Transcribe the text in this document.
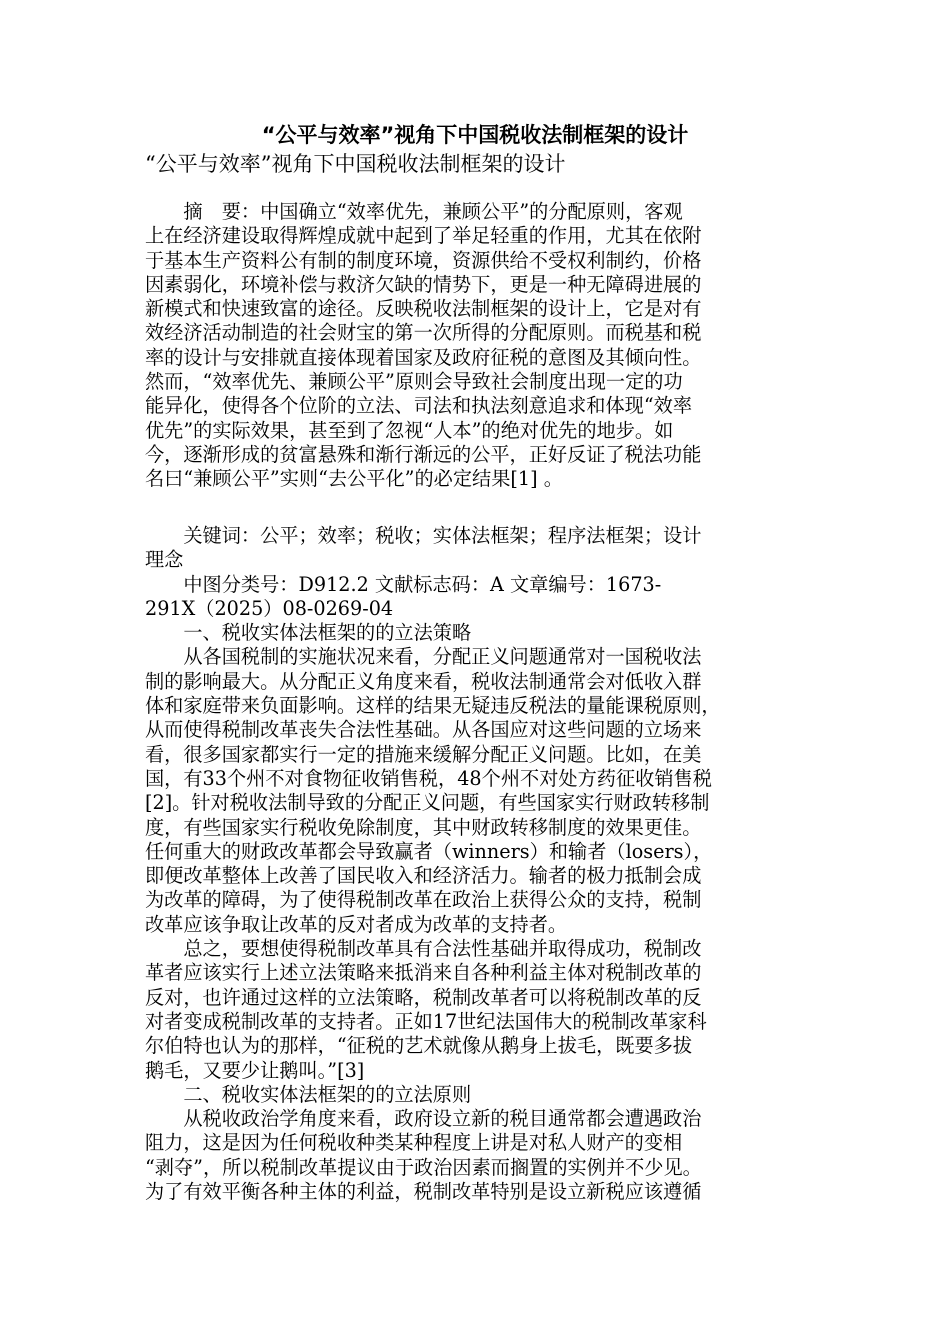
“公平与效率”视角下中国税收法制框架的设计
“公平与效率”视角下中国税收法制框架的设计
　　摘　要：中国确立“效率优先，兼顾公平”的分配原则，客观
上在经济建设取得辉煌成就中起到了举足轻重的作用，尤其在依附
于基本生产资料公有制的制度环境，资源供给不受权利制约，价格
因素弱化，环境补偿与救济欠缺的情势下，更是一种无障碍进展的
新模式和快速致富的途径。反映税收法制框架的设计上，它是对有
效经济活动制造的社会财宝的第一次所得的分配原则。而税基和税
率的设计与安排就直接体现着国家及政府征税的意图及其倾向性。
然而，“效率优先、兼顾公平”原则会导致社会制度出现一定的功
能异化，使得各个位阶的立法、司法和执法刻意追求和体现“效率
优先”的实际效果，甚至到了忽视“人本”的绝对优先的地步。如
今，逐渐形成的贫富悬殊和渐行渐远的公平，正好反证了税法功能
名曰“兼顾公平”实则“去公平化”的必定结果[1] 。
　　关键词：公平；效率；税收；实体法框架；程序法框架；设计
理念
　　中图分类号：D912.2 文献标志码：A 文章编号：1673-
291X（2025）08-0269-04
　　一、税收实体法框架的的立法策略
　　从各国税制的实施状况来看，分配正义问题通常对一国税收法
制的影响最大。从分配正义角度来看，税收法制通常会对低收入群
体和家庭带来负面影响。这样的结果无疑违反税法的量能课税原则，
从而使得税制改革丧失合法性基础。从各国应对这些问题的立场来
看，很多国家都实行一定的措施来缓解分配正义问题。比如，在美
国，有33个州不对食物征收销售税，48个州不对处方药征收销售税
[2]。针对税收法制导致的分配正义问题，有些国家实行财政转移制
度，有些国家实行税收免除制度，其中财政转移制度的效果更佳。
任何重大的财政改革都会导致赢者（winners）和输者（losers），
即便改革整体上改善了国民收入和经济活力。输者的极力抵制会成
为改革的障碍，为了使得税制改革在政治上获得公众的支持，税制
改革应该争取让改革的反对者成为改革的支持者。
　　总之，要想使得税制改革具有合法性基础并取得成功，税制改
革者应该实行上述立法策略来抵消来自各种利益主体对税制改革的
反对，也许通过这样的立法策略，税制改革者可以将税制改革的反
对者变成税制改革的支持者。正如17世纪法国伟大的税制改革家科
尔伯特也认为的那样，“征税的艺术就像从鹅身上拔毛，既要多拔
鹅毛，又要少让鹅叫。”[3]
　　二、税收实体法框架的的立法原则
　　从税收政治学角度来看，政府设立新的税目通常都会遭遇政治
阻力，这是因为任何税收种类某种程度上讲是对私人财产的变相
“剥夺”，所以税制改革提议由于政治因素而搁置的实例并不少见。
为了有效平衡各种主体的利益，税制改革特别是设立新税应该遵循
